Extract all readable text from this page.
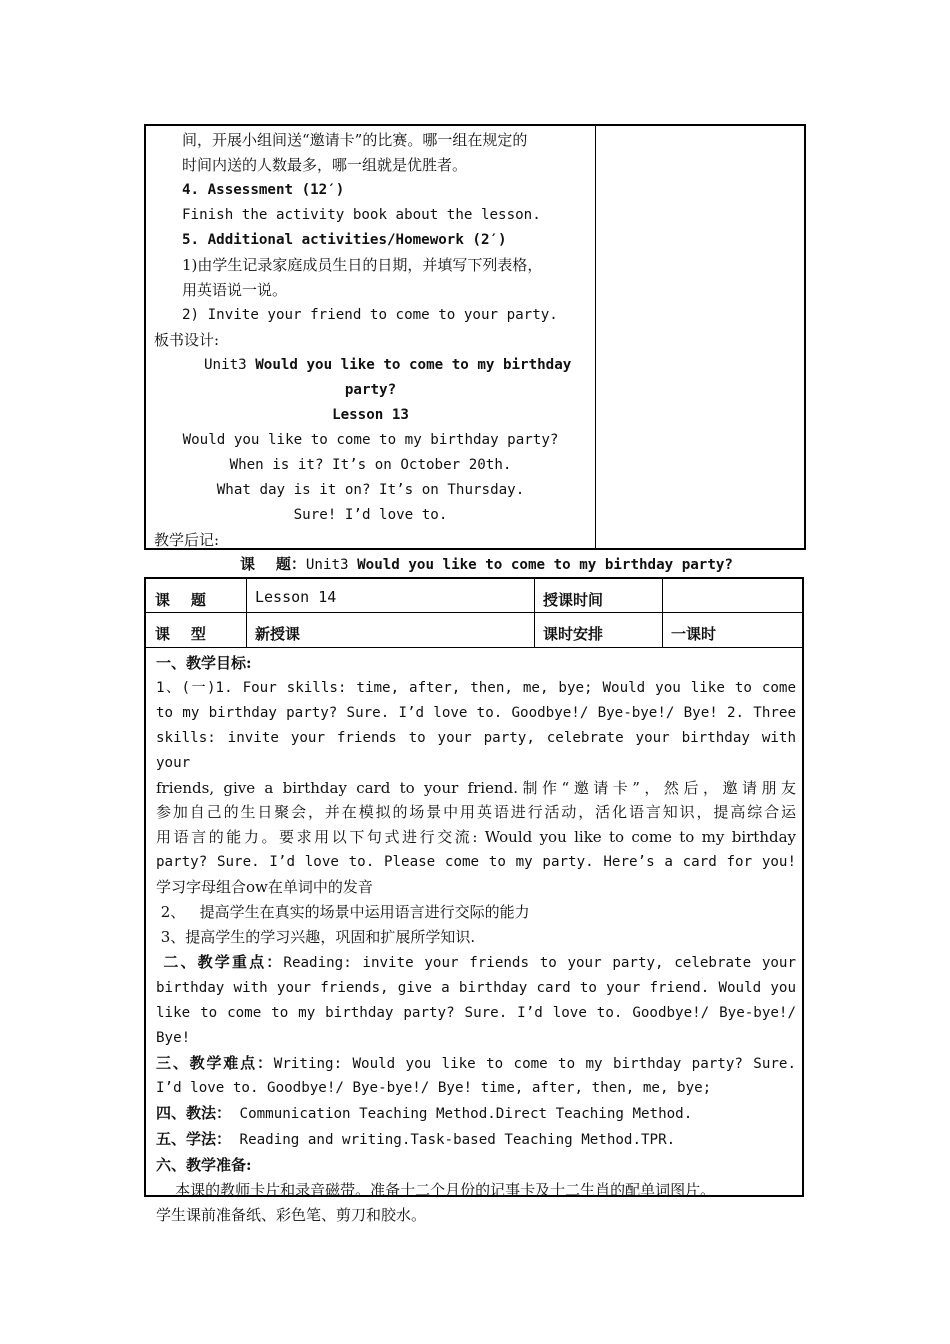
间，开展小组间送“邀请卡”的比赛。哪一组在规定的
时间内送的人数最多，哪一组就是优胜者。
4. Assessment (12′)
Finish the activity book about the lesson.
5. Additional activities/Homework (2′)
1)由学生记录家庭成员生日的日期，并填写下列表格，
用英语说一说。
2) Invite your friend to come to your party.
板书设计:
Unit3 Would you like to come to my birthday
party?
Lesson 13
Would you like to come to my birthday party?
When is it? It’s on October 20th.
What day is it on? It’s on Thursday.
Sure! I’d love to.
教学后记:
课    题：Unit3 Would you like to come to my birthday party?
课    题	Lesson 14	授课时间
课    型	新授课	课时安排	一课时
一、教学目标:
1、(一)1. Four skills: time, after, then, me, bye; Would you like to come
to my birthday party? Sure. I’d love to. Goodbye!/ Bye-bye!/ Bye! 2. Three
skills: invite your friends to your party, celebrate your birthday with your
friends, give a birthday card to your friend.制作“邀请卡”，然后，邀请朋友
参加自己的生日聚会，并在模拟的场景中用英语进行活动，活化语言知识，提高综合运
用语言的能力。要求用以下句式进行交流: Would you like to come to my birthday
party? Sure. I’d love to. Please come to my party. Here’s a card for you!
学习字母组合ow在单词中的发音
2、   提高学生在真实的场景中运用语言进行交际的能力
3、提高学生的学习兴趣，巩固和扩展所学知识.
二、教学重点：Reading: invite your friends to your party, celebrate your
birthday with your friends, give a birthday card to your friend. Would you
like to come to my birthday party? Sure. I’d love to. Goodbye!/ Bye-bye!/
Bye!
三、教学难点：Writing: Would you like to come to my birthday party? Sure.
I’d love to. Goodbye!/ Bye-bye!/ Bye! time, after, then, me, bye;
四、教法： Communication Teaching Method.Direct Teaching Method.
五、学法： Reading and writing.Task-based Teaching Method.TPR.
六、教学准备:
本课的教师卡片和录音磁带。准备十二个月份的记事卡及十二生肖的配单词图片。
学生课前准备纸、彩色笔、剪刀和胶水。
